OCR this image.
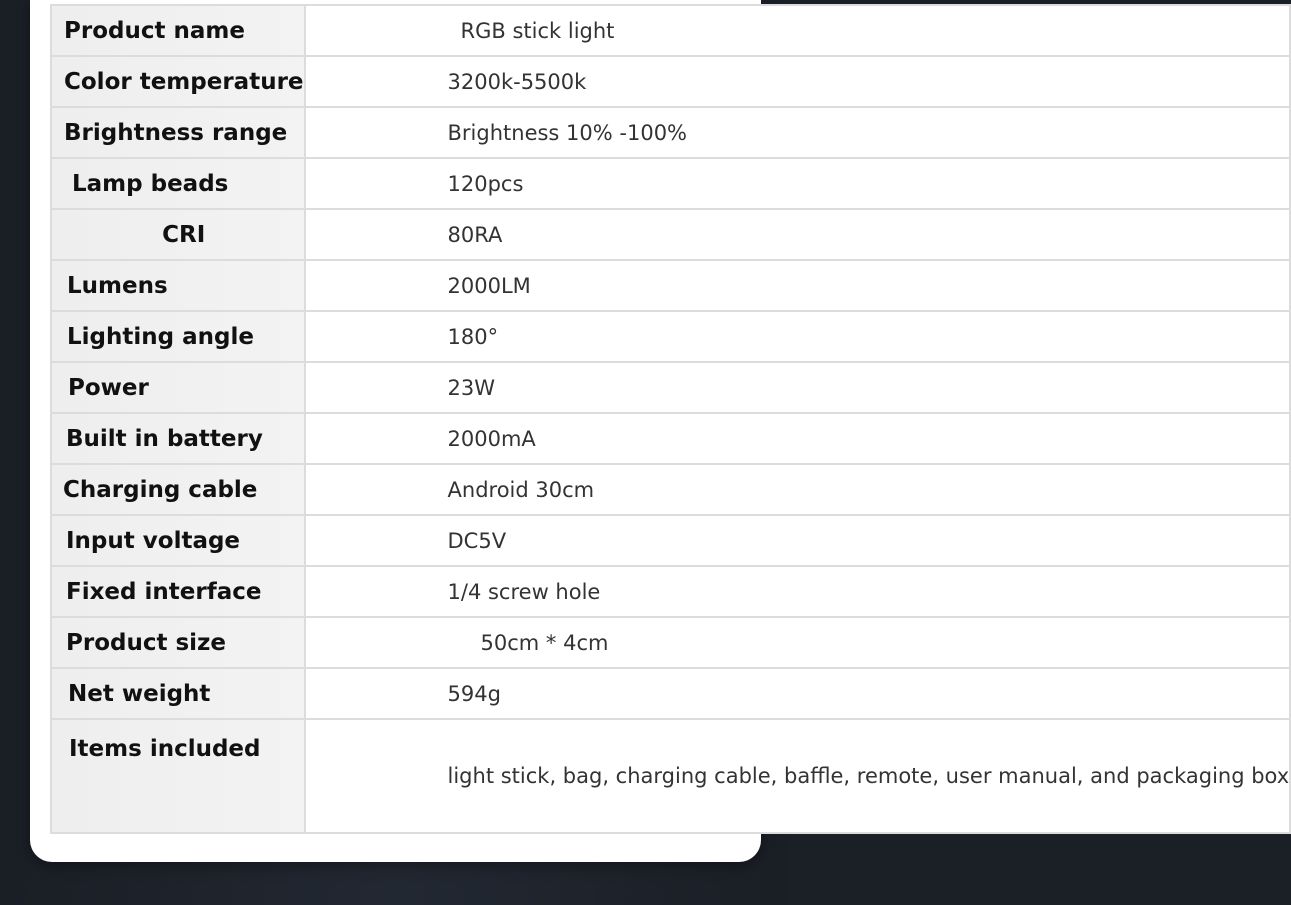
Product name	RGB stick light
Color temperature	3200k-5500k
Brightness range	Brightness 10% -100%
Lamp beads	120pcs
CRI	80RA
Lumens	2000LM
Lighting angle	180°
Power	23W
Built in battery	2000mA
Charging cable	Android 30cm
Input voltage	DC5V
Fixed interface	1/4 screw hole
Product size	50cm * 4cm
Net weight	594g
Items included	light stick, bag, charging cable, baffle, remote, user manual, and packaging box
